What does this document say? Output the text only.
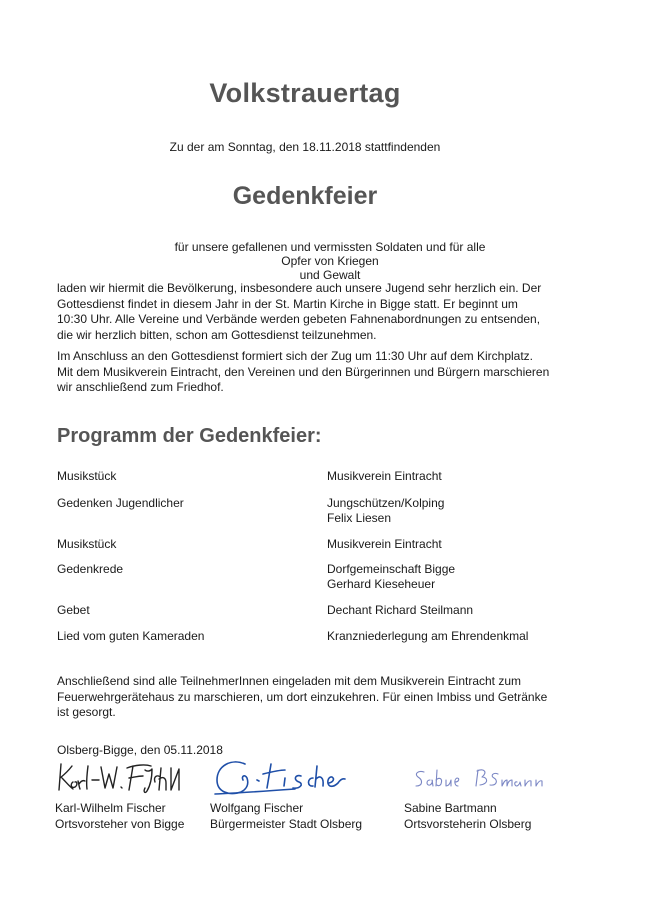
Volkstrauertag
Zu der am Sonntag, den 18.11.2018 stattfindenden
Gedenkfeier
für unsere gefallenen und vermissten Soldaten und für alle Opfer von Kriegen
und Gewalt

laden wir hiermit die Bevölkerung, insbesondere auch unsere Jugend sehr herzlich ein. Der

Gottesdienst findet in diesem Jahr in der St. Martin Kirche in Bigge statt. Er beginnt um

10:30 Uhr. Alle Vereine und Verbände werden gebeten Fahnenabordnungen zu entsenden,

die wir herzlich bitten, schon am Gottesdienst teilzunehmen.

Im Anschluss an den Gottesdienst formiert sich der Zug um 11:30 Uhr auf dem Kirchplatz.

Mit dem Musikverein Eintracht, den Vereinen und den Bürgerinnen und Bürgern marschieren

wir anschließend zum Friedhof.

Programm der Gedenkfeier:
Musikstück	Musikverein Eintracht
Gedenken Jugendlicher	Jungschützen/Kolping
Felix Liesen
Musikstück	Musikverein Eintracht
Gedenkrede	Dorfgemeinschaft Bigge
Gerhard Kieseheuer
Gebet	Dechant Richard Steilmann
Lied vom guten Kameraden	Kranzniederlegung am Ehrendenkmal

Anschließend sind alle TeilnehmerInnen eingeladen mit dem Musikverein Eintracht zum

Feuerwehrgerätehaus zu marschieren, um dort einzukehren. Für einen Imbiss und Getränke

ist gesorgt.

Olsberg-Bigge, den 05.11.2018
Karl-Wilhelm Fischer
Ortsvorsteher von Bigge
Wolfgang Fischer
Bürgermeister Stadt Olsberg
Sabine Bartmann
Ortsvorsteherin Olsberg
